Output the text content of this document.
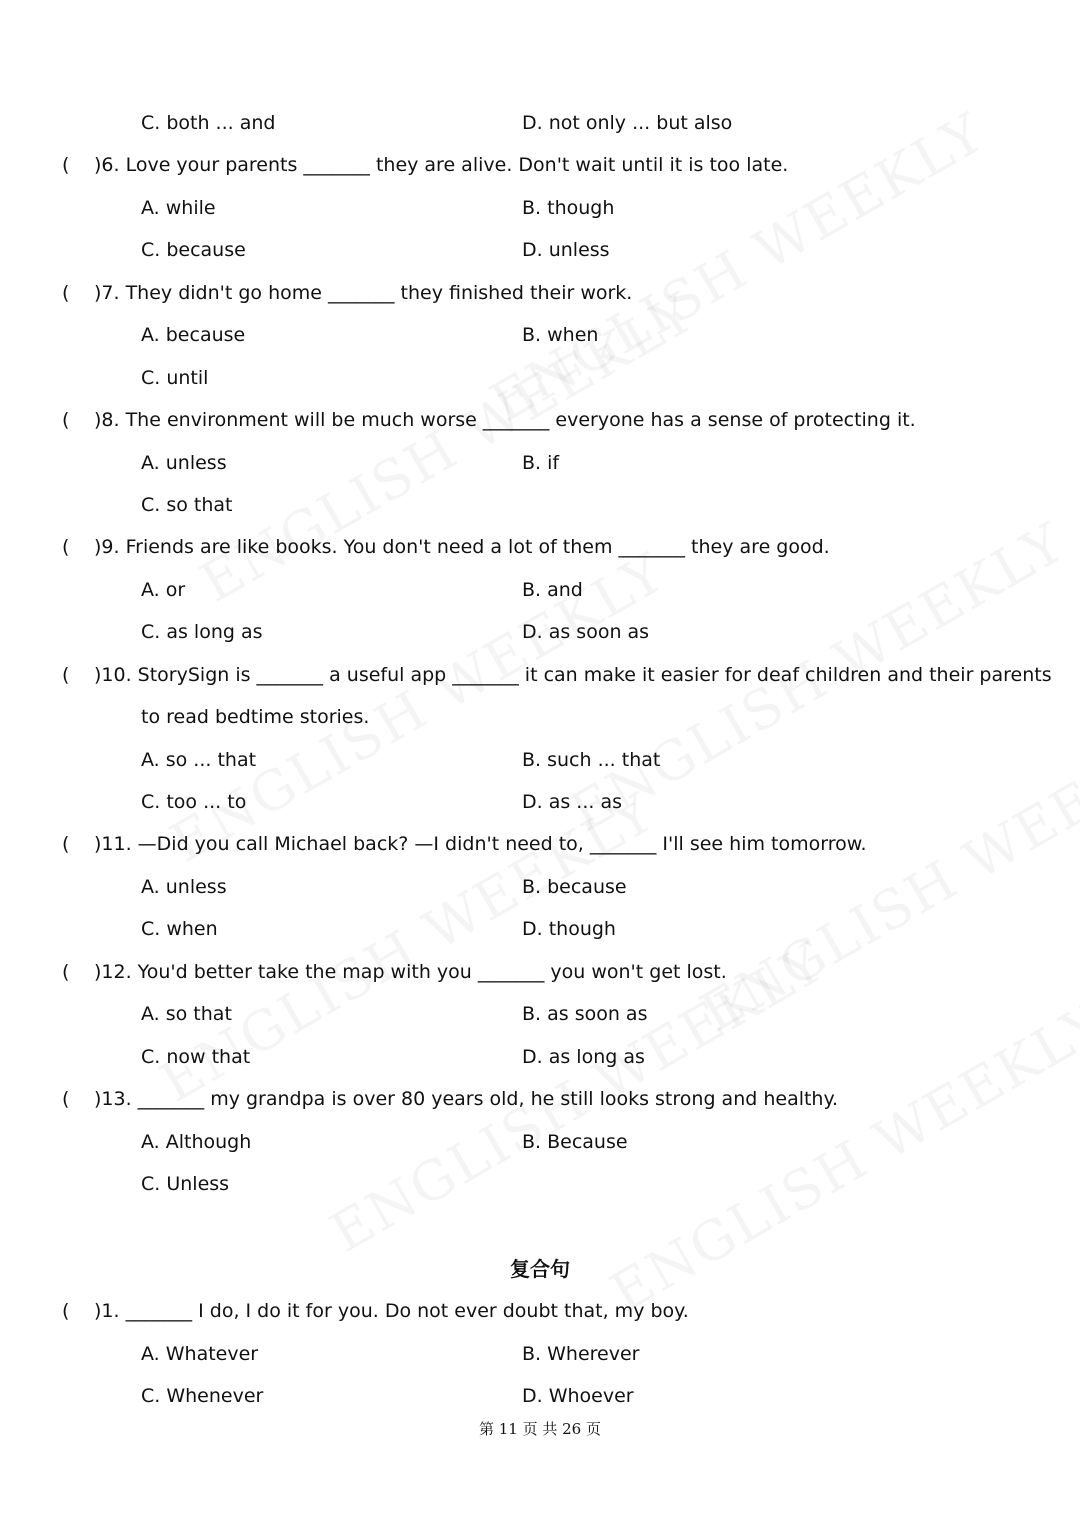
C. both ... and	D. not only ... but also
( )6. Love your parents _______ they are alive. Don't wait until it is too late.
A. while	B. though
C. because	D. unless
( )7. They didn't go home _______ they finished their work.
A. because	B. when
C. until
( )8. The environment will be much worse _______ everyone has a sense of protecting it.
A. unless	B. if
C. so that
( )9. Friends are like books. You don't need a lot of them _______ they are good.
A. or	B. and
C. as long as	D. as soon as
( )10. StorySign is _______ a useful app _______ it can make it easier for deaf children and their parents
to read bedtime stories.
A. so ... that	B. such ... that
C. too ... to	D. as ... as
( )11. —Did you call Michael back? —I didn't need to, _______ I'll see him tomorrow.
A. unless	B. because
C. when	D. though
( )12. You'd better take the map with you _______ you won't get lost.
A. so that	B. as soon as
C. now that	D. as long as
( )13. _______ my grandpa is over 80 years old, he still looks strong and healthy.
A. Although	B. Because
C. Unless
复合句
( )1. _______ I do, I do it for you. Do not ever doubt that, my boy.
A. Whatever	B. Wherever
C. Whenever	D. Whoever
第 11 页 共 26 页
